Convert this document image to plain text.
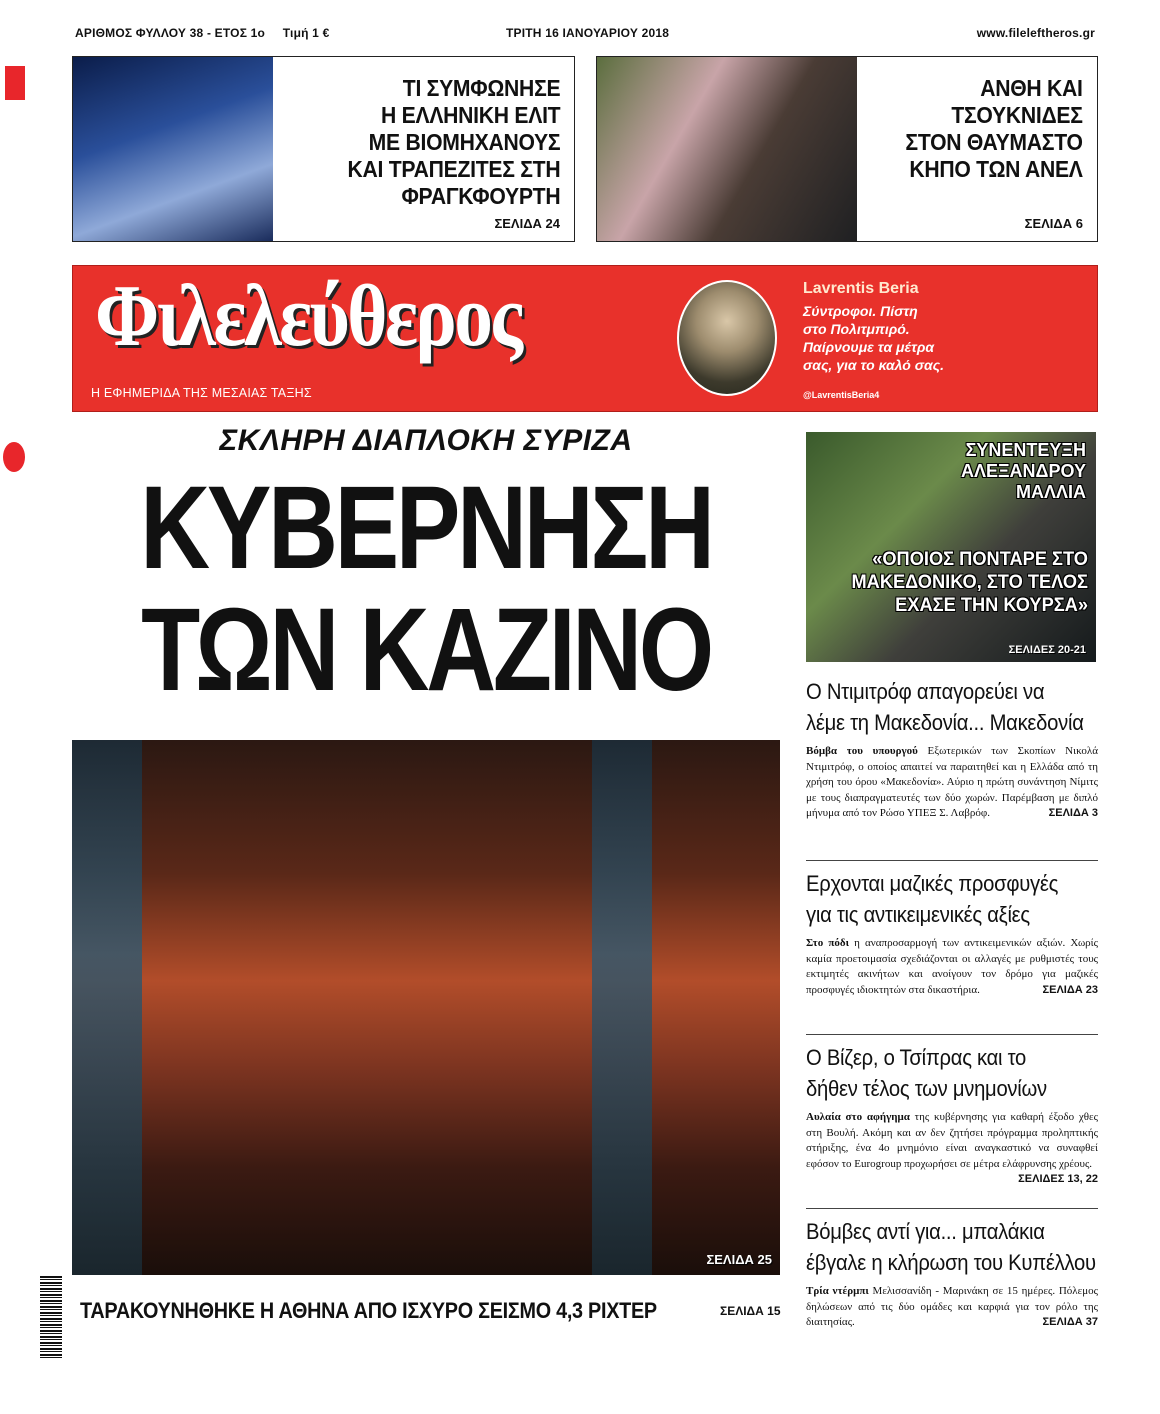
ΑΡΙΘΜΟΣ ΦΥΛΛΟΥ 38 - ΕΤΟΣ 1ο     Τιμή 1 €	ΤΡΙΤΗ 16 ΙΑΝΟΥΑΡΙΟΥ 2018	www.fileleftheros.gr
ΤΙ ΣΥΜΦΩΝΗΣΕ
Η ΕΛΛΗΝΙΚΗ ΕΛΙΤ
ΜΕ ΒΙΟΜΗΧΑΝΟΥΣ
ΚΑΙ ΤΡΑΠΕΖΙΤΕΣ ΣΤΗ
ΦΡΑΓΚΦΟΥΡΤΗ
ΣΕΛΙΔΑ 24
ΑΝΘΗ ΚΑΙ
ΤΣΟΥΚΝΙΔΕΣ
ΣΤΟΝ ΘΑΥΜΑΣΤΟ
ΚΗΠΟ ΤΩΝ ΑΝΕΛ
ΣΕΛΙΔΑ 6
Φιλελεύθερος
Η ΕΦΗΜΕΡΙΔΑ ΤΗΣ ΜΕΣΑΙΑΣ ΤΑΞΗΣ
Lavrentis Beria
Σύντροφοι. Πίστη
στο Πολιτμπιρό.
Παίρνουμε τα μέτρα
σας, για το καλό σας.
@LavrentisBeria4
ΣΚΛΗΡΗ ΔΙΑΠΛΟΚΗ ΣΥΡΙΖΑ
ΚΥΒΕΡΝΗΣΗ
ΤΩΝ ΚΑΖΙΝΟ
ΣΕΛΙΔΑ 25
ΤΑΡΑΚΟΥΝΗΘΗΚΕ Η ΑΘΗΝΑ ΑΠΟ ΙΣΧΥΡΟ ΣΕΙΣΜΟ 4,3 ΡΙΧΤΕΡ	ΣΕΛΙΔΑ 15
ΣΥΝΕΝΤΕΥΞΗ
ΑΛΕΞΑΝΔΡΟΥ
ΜΑΛΛΙΑ
«ΟΠΟΙΟΣ ΠΟΝΤΑΡΕ ΣΤΟ
ΜΑΚΕΔΟΝΙΚΟ, ΣΤΟ ΤΕΛΟΣ
ΕΧΑΣΕ ΤΗΝ ΚΟΥΡΣΑ»
ΣΕΛΙΔΕΣ 20-21
Ο Ντιμιτρόφ απαγορεύει να
λέμε τη Μακεδονία... Μακεδονία
Βόμβα του υπουργού Εξωτερικών των Σκοπίων Νικολά Ντιμιτρόφ, ο οποίος απαιτεί να παραιτηθεί και η Ελλάδα από τη χρήση του όρου «Μακεδονία». Αύριο η πρώτη συνάντηση Νίμιτς με τους διαπραγματευτές των δύο χωρών. Παρέμβαση με διπλό μήνυμα από τον Ρώσο ΥΠΕΞ Σ. Λαβρόφ.	ΣΕΛΙΔΑ 3
Ερχονται μαζικές προσφυγές
για τις αντικειμενικές αξίες
Στο πόδι η αναπροσαρμογή των αντικειμενικών αξιών. Χωρίς καμία προετοιμασία σχεδιάζονται οι αλλαγές με ρυθμιστές τους εκτιμητές ακινήτων και ανοίγουν τον δρόμο για μαζικές προσφυγές ιδιοκτητών στα δικαστήρια.	ΣΕΛΙΔΑ 23
Ο Βίζερ, ο Τσίπρας και το
δήθεν τέλος των μνημονίων
Αυλαία στο αφήγημα της κυβέρνησης για καθαρή έξοδο χθες στη Βουλή. Ακόμη και αν δεν ζητήσει πρόγραμμα προληπτικής στήριξης, ένα 4ο μνημόνιο είναι αναγκαστικό να συναφθεί εφόσον το Eurogroup προχωρήσει σε μέτρα ελάφρυνσης χρέους.
ΣΕΛΙΔΕΣ 13, 22
Βόμβες αντί για... μπαλάκια
έβγαλε η κλήρωση του Κυπέλλου
Τρία ντέρμπι Μελισσανίδη - Μαρινάκη σε 15 ημέρες. Πόλεμος δηλώσεων από τις δύο ομάδες και καρφιά για τον ρόλο της διαιτησίας.	ΣΕΛΙΔΑ 37
